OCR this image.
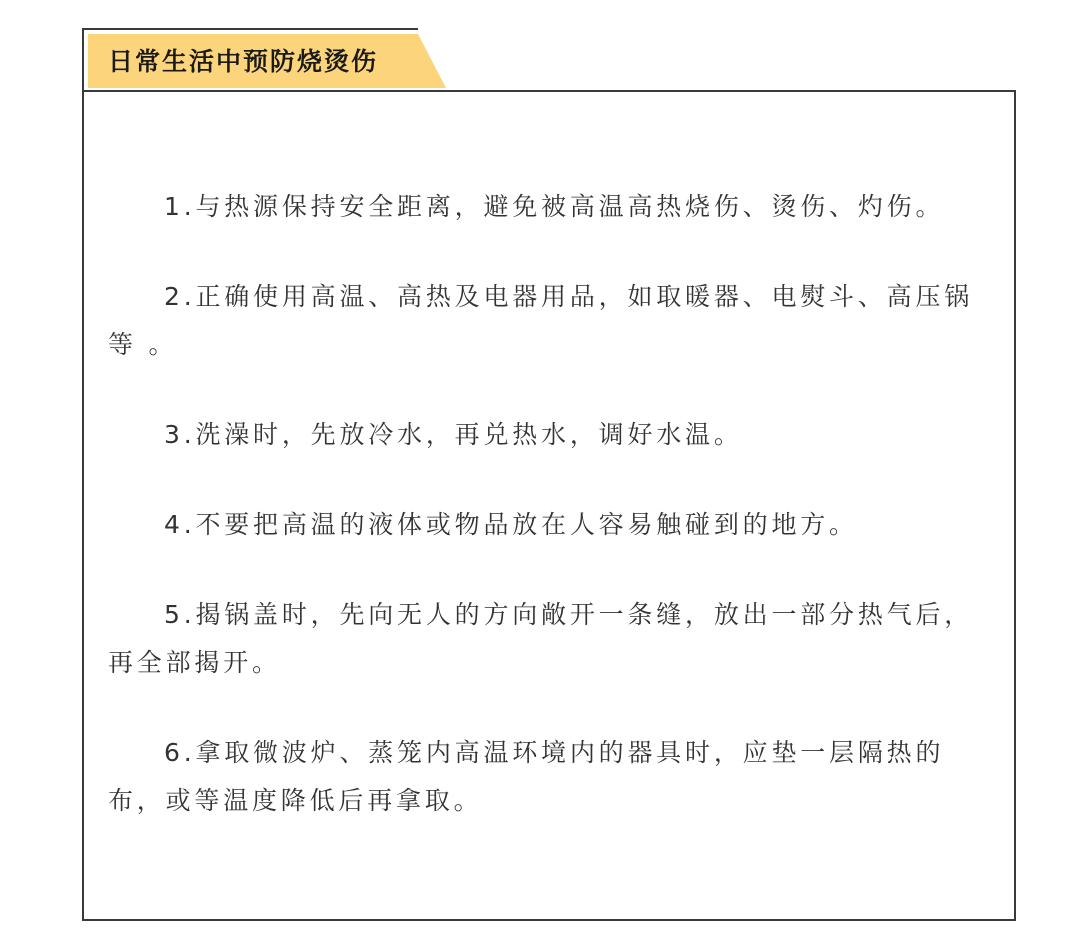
日常生活中预防烧烫伤

1.与热源保持安全距离，避免被高温高热烧伤、烫伤、灼伤。

2.正确使用高温、高热及电器用品，如取暖器、电熨斗、高压锅等 。

3.洗澡时，先放冷水，再兑热水，调好水温。

4.不要把高温的液体或物品放在人容易触碰到的地方。

5.揭锅盖时，先向无人的方向敞开一条缝，放出一部分热气后，再全部揭开。

6.拿取微波炉、蒸笼内高温环境内的器具时，应垫一层隔热的布，或等温度降低后再拿取。
